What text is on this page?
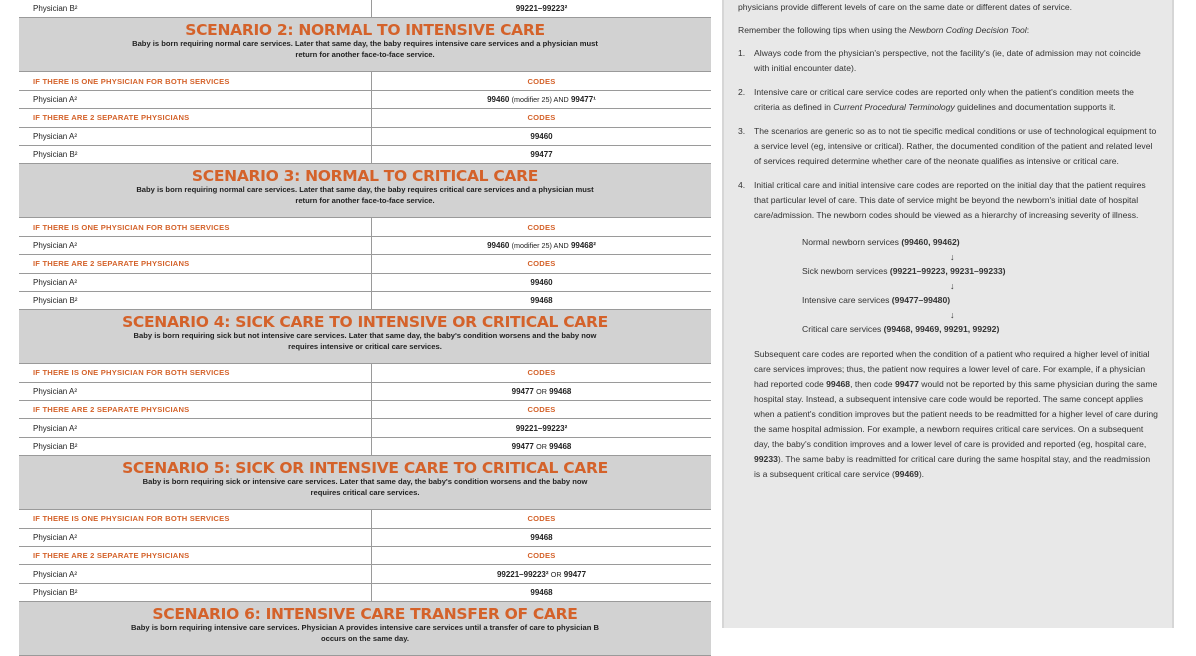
Physician B²	99221–99223²
SCENARIO 2: NORMAL TO INTENSIVE CARE
Baby is born requiring normal care services. Later that same day, the baby requires intensive care services and a physician must return for another face-to-face service.
IF THERE IS ONE PHYSICIAN FOR BOTH SERVICES	CODES
Physician A²	99460 (modifier 25) AND 99477¹
IF THERE ARE 2 SEPARATE PHYSICIANS	CODES
Physician A²	99460
Physician B²	99477
SCENARIO 3: NORMAL TO CRITICAL CARE
Baby is born requiring normal care services. Later that same day, the baby requires critical care services and a physician must return for another face-to-face service.
IF THERE IS ONE PHYSICIAN FOR BOTH SERVICES	CODES
Physician A²	99460 (modifier 25) AND 99468²
IF THERE ARE 2 SEPARATE PHYSICIANS	CODES
Physician A²	99460
Physician B²	99468
SCENARIO 4: SICK CARE TO INTENSIVE OR CRITICAL CARE
Baby is born requiring sick but not intensive care services. Later that same day, the baby's condition worsens and the baby now requires intensive or critical care services.
IF THERE IS ONE PHYSICIAN FOR BOTH SERVICES	CODES
Physician A²	99477 OR 99468
IF THERE ARE 2 SEPARATE PHYSICIANS	CODES
Physician A²	99221–99223²
Physician B²	99477 OR 99468
SCENARIO 5: SICK OR INTENSIVE CARE TO CRITICAL CARE
Baby is born requiring sick or intensive care services. Later that same day, the baby's condition worsens and the baby now requires critical care services.
IF THERE IS ONE PHYSICIAN FOR BOTH SERVICES	CODES
Physician A²	99468
IF THERE ARE 2 SEPARATE PHYSICIANS	CODES
Physician A²	99221–99223² OR 99477
Physician B²	99468
SCENARIO 6: INTENSIVE CARE TRANSFER OF CARE
Baby is born requiring intensive care services. Physician A provides intensive care services until a transfer of care to physician B occurs on the same day.

physicians provide different levels of care on the same date or different dates of service.

Remember the following tips when using the Newborn Coding Decision Tool:

1.	Always code from the physician's perspective, not the facility's (ie, date of admission may not coincide with initial encounter date).
2.	Intensive care or critical care service codes are reported only when the patient's condition meets the criteria as defined in Current Procedural Terminology guidelines and documentation supports it.
3.	The scenarios are generic so as to not tie specific medical conditions or use of technological equipment to a service level (eg, intensive or critical). Rather, the documented condition of the patient and related level of services required determine whether care of the neonate qualifies as intensive or critical care.
4.	Initial critical care and initial intensive care codes are reported on the initial day that the patient requires that particular level of care. This date of service might be beyond the newborn's initial date of hospital care/admission. The newborn codes should be viewed as a hierarchy of increasing severity of illness.
Normal newborn services (99460, 99462)
↓
Sick newborn services (99221–99223, 99231–99233)
↓
Intensive care services (99477–99480)
↓
Critical care services (99468, 99469, 99291, 99292)

Subsequent care codes are reported when the condition of a patient who required a higher level of initial care services improves; thus, the patient now requires a lower level of care. For example, if a physician had reported code 99468, then code 99477 would not be reported by this same physician during the same hospital stay. Instead, a subsequent intensive care code would be reported. The same concept applies when a patient's condition improves but the patient needs to be readmitted for a higher level of care during the same hospital admission. For example, a newborn requires critical care services. On a subsequent day, the baby's condition improves and a lower level of care is provided and reported (eg, hospital care, 99233). The same baby is readmitted for critical care during the same hospital stay, and the readmission is a subsequent critical care service (99469).
